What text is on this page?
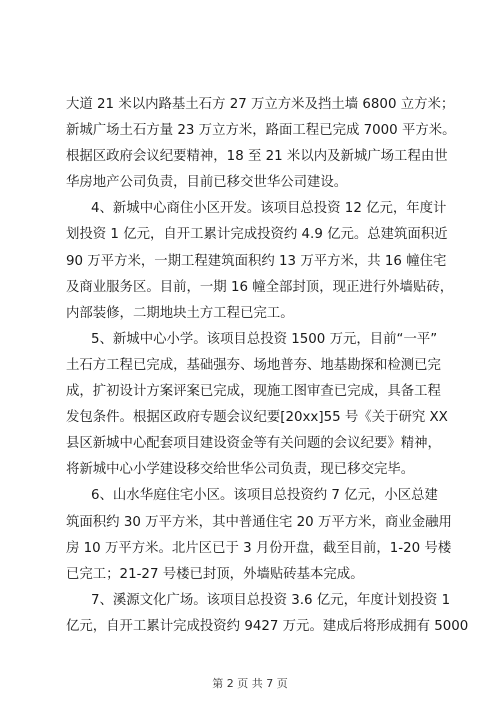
大道 21 米以内路基土石方 27 万立方米及挡土墙 6800 立方米；
新城广场土石方量 23 万立方米，路面工程已完成 7000 平方米。
根据区政府会议纪要精神，18 至 21 米以内及新城广场工程由世
华房地产公司负责，目前已移交世华公司建设。
4、新城中心商住小区开发。该项目总投资 12 亿元，年度计
划投资 1 亿元，自开工累计完成投资约 4.9 亿元。总建筑面积近
90 万平方米，一期工程建筑面积约 13 万平方米，共 16 幢住宅
及商业服务区。目前，一期 16 幢全部封顶，现正进行外墙贴砖，
内部装修，二期地块土方工程已完工。
5、新城中心小学。该项目总投资 1500 万元，目前“一平”
土石方工程已完成，基础强夯、场地普夯、地基勘探和检测已完
成，扩初设计方案评案已完成，现施工图审查已完成，具备工程
发包条件。根据区政府专题会议纪要[20xx]55 号《关于研究 XX
县区新城中心配套项目建设资金等有关问题的会议纪要》精神，
将新城中心小学建设移交给世华公司负责，现已移交完毕。
6、山水华庭住宅小区。该项目总投资约 7 亿元，小区总建
筑面积约 30 万平方米，其中普通住宅 20 万平方米，商业金融用
房 10 万平方米。北片区已于 3 月份开盘，截至目前，1-20 号楼
已完工；21-27 号楼已封顶，外墙贴砖基本完成。
7、溪源文化广场。该项目总投资 3.6 亿元，年度计划投资 1
亿元，自开工累计完成投资约 9427 万元。建成后将形成拥有 5000
第 2 页 共 7 页
